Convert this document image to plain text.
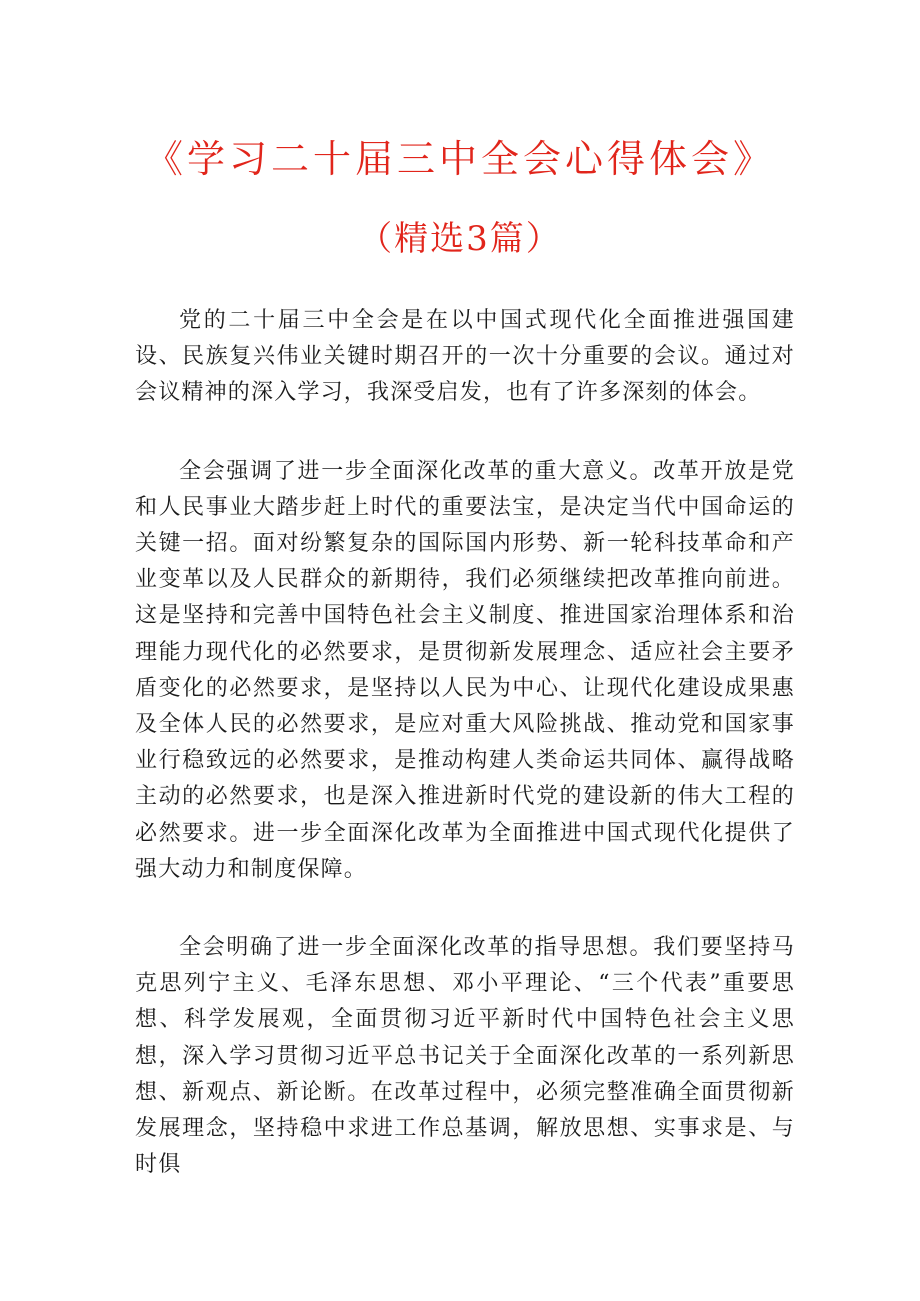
《学习二十届三中全会心得体会》
（精选3篇）

党的二十届三中全会是在以中国式现代化全面推进强国建设、民族复兴伟业关键时期召开的一次十分重要的会议。通过对会议精神的深入学习，我深受启发，也有了许多深刻的体会。

全会强调了进一步全面深化改革的重大意义。改革开放是党和人民事业大踏步赶上时代的重要法宝，是决定当代中国命运的关键一招。面对纷繁复杂的国际国内形势、新一轮科技革命和产业变革以及人民群众的新期待，我们必须继续把改革推向前进。这是坚持和完善中国特色社会主义制度、推进国家治理体系和治理能力现代化的必然要求，是贯彻新发展理念、适应社会主要矛盾变化的必然要求，是坚持以人民为中心、让现代化建设成果惠及全体人民的必然要求，是应对重大风险挑战、推动党和国家事业行稳致远的必然要求，是推动构建人类命运共同体、赢得战略主动的必然要求，也是深入推进新时代党的建设新的伟大工程的必然要求。进一步全面深化改革为全面推进中国式现代化提供了强大动力和制度保障。

全会明确了进一步全面深化改革的指导思想。我们要坚持马克思列宁主义、毛泽东思想、邓小平理论、“三个代表”重要思想、科学发展观，全面贯彻习近平新时代中国特色社会主义思想，深入学习贯彻习近平总书记关于全面深化改革的一系列新思想、新观点、新论断。在改革过程中，必须完整准确全面贯彻新发展理念，坚持稳中求进工作总基调，解放思想、实事求是、与时俱
